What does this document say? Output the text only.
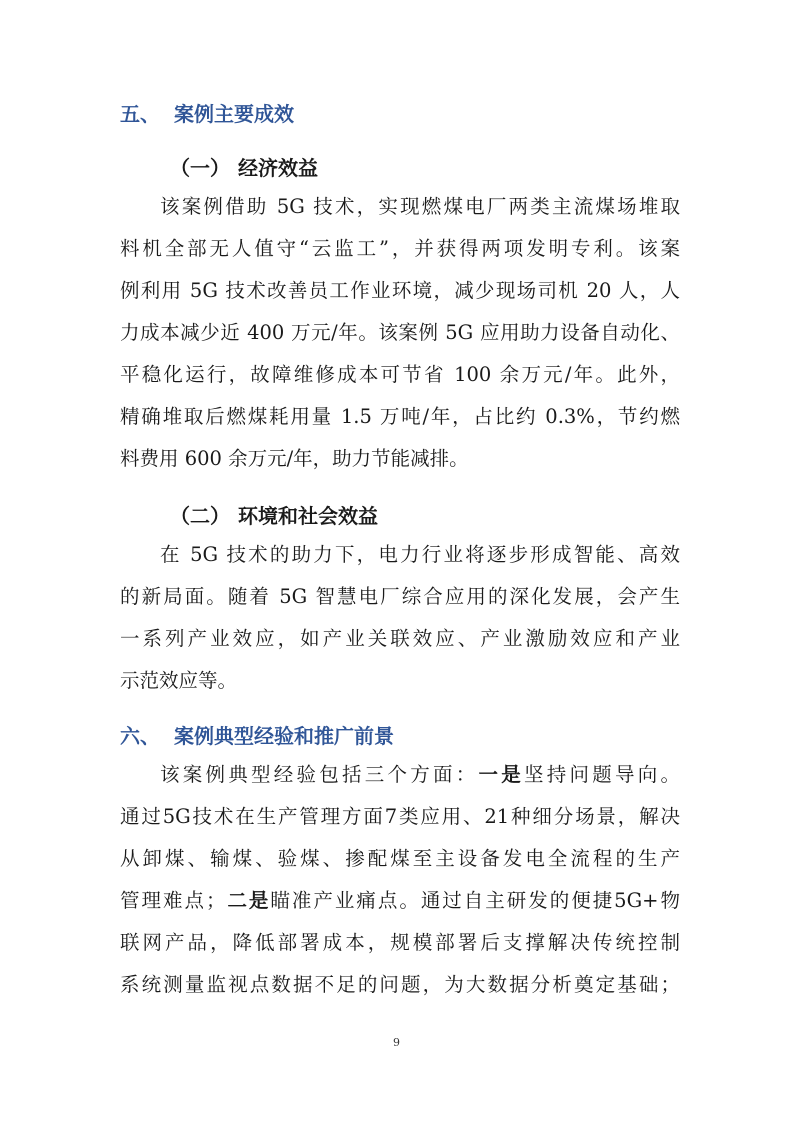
五、 案例主要成效
（一） 经济效益
该案例借助 5G 技术，实现燃煤电厂两类主流煤场堆取
料机全部无人值守“云监工”，并获得两项发明专利。该案
例利用 5G 技术改善员工作业环境，减少现场司机 20 人，人
力成本减少近 400 万元/年。该案例 5G 应用助力设备自动化、
平稳化运行，故障维修成本可节省 100 余万元/年。此外，
精确堆取后燃煤耗用量 1.5 万吨/年，占比约 0.3%，节约燃
料费用 600 余万元/年，助力节能减排。
（二） 环境和社会效益
在 5G 技术的助力下，电力行业将逐步形成智能、高效
的新局面。随着 5G 智慧电厂综合应用的深化发展，会产生
一系列产业效应，如产业关联效应、产业激励效应和产业
示范效应等。
六、 案例典型经验和推广前景
该案例典型经验包括三个方面：一是坚持问题导向。
通过5G技术在生产管理方面7类应用、21种细分场景，解决
从卸煤、输煤、验煤、掺配煤至主设备发电全流程的生产
管理难点；二是瞄准产业痛点。通过自主研发的便捷5G+物
联网产品，降低部署成本，规模部署后支撑解决传统控制
系统测量监视点数据不足的问题，为大数据分析奠定基础；
9
